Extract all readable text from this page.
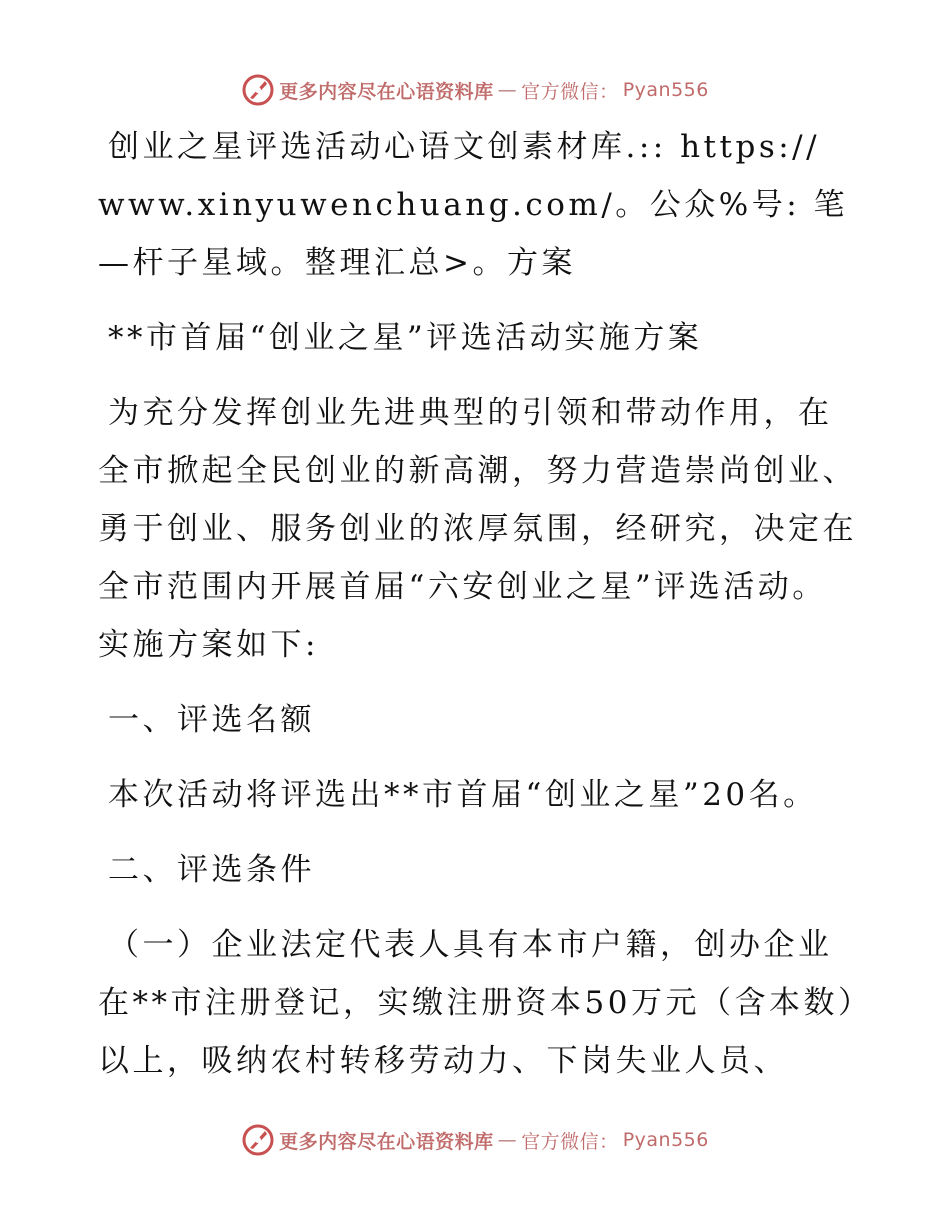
更多内容尽在心语资料库 — 官方微信： Pyan556

创业之星评选活动心语文创素材库.:: https:// www.xinyuwenchuang.com/。公众%号: 笔—杆子星域。整理汇总>。方案

**市首届“创业之星”评选活动实施方案

为充分发挥创业先进典型的引领和带动作用，在全市掀起全民创业的新高潮，努力营造崇尚创业、勇于创业、服务创业的浓厚氛围，经研究，决定在全市范围内开展首届“六安创业之星”评选活动。实施方案如下:

一、评选名额

本次活动将评选出**市首届“创业之星”20名。

二、评选条件

（一）企业法定代表人具有本市户籍，创办企业在**市注册登记，实缴注册资本50万元（含本数）以上，吸纳农村转移劳动力、下岗失业人员、

更多内容尽在心语资料库 — 官方微信： Pyan556
